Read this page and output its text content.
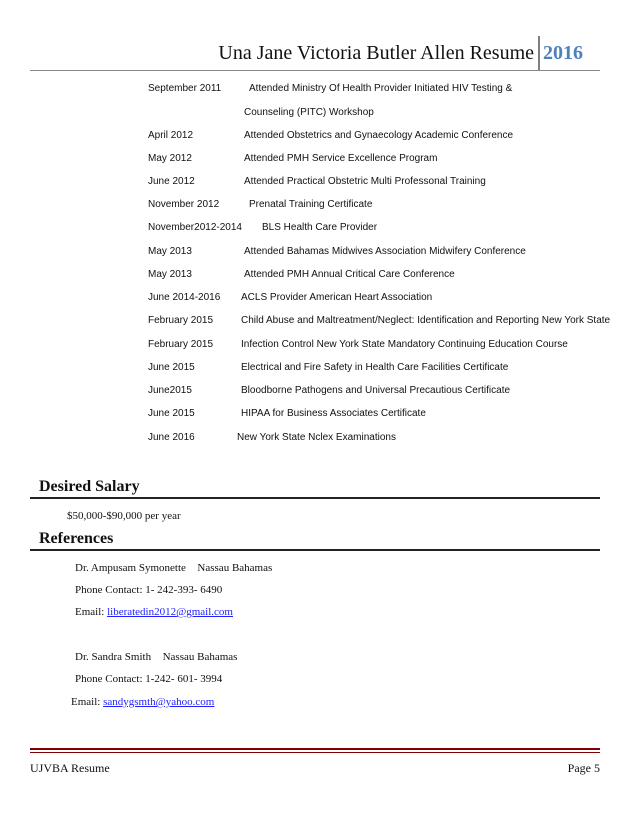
Una Jane Victoria Butler Allen Resume 2016
September 2011	Attended Ministry Of Health Provider Initiated HIV Testing &
Counseling (PITC) Workshop
April 2012	Attended Obstetrics and Gynaecology Academic Conference
May 2012	Attended PMH Service Excellence Program
June 2012	Attended Practical Obstetric Multi Professonal Training
November 2012	Prenatal Training Certificate
November2012-2014 BLS Health Care Provider
May 2013	Attended Bahamas Midwives Association Midwifery Conference
May 2013	Attended PMH Annual Critical Care Conference
June 2014-2016 ACLS Provider American Heart Association
February 2015	Child Abuse and Maltreatment/Neglect: Identification and Reporting New York State
February 2015	Infection Control New York State Mandatory Continuing Education Course
June 2015	Electrical and Fire Safety in Health Care Facilities Certificate
June2015	Bloodborne Pathogens and Universal Precautious Certificate
June 2015	HIPAA for Business Associates Certificate
June 2016	New York State Nclex Examinations
Desired Salary
$50,000-$90,000 per year
References
Dr. Ampusam Symonette Nassau Bahamas
Phone Contact: 1- 242-393- 6490
Email: liberatedin2012@gmail.com
Dr. Sandra Smith Nassau Bahamas
Phone Contact: 1-242- 601- 3994
Email: sandygsmth@yahoo.com
UJVBA Resume	Page 5
